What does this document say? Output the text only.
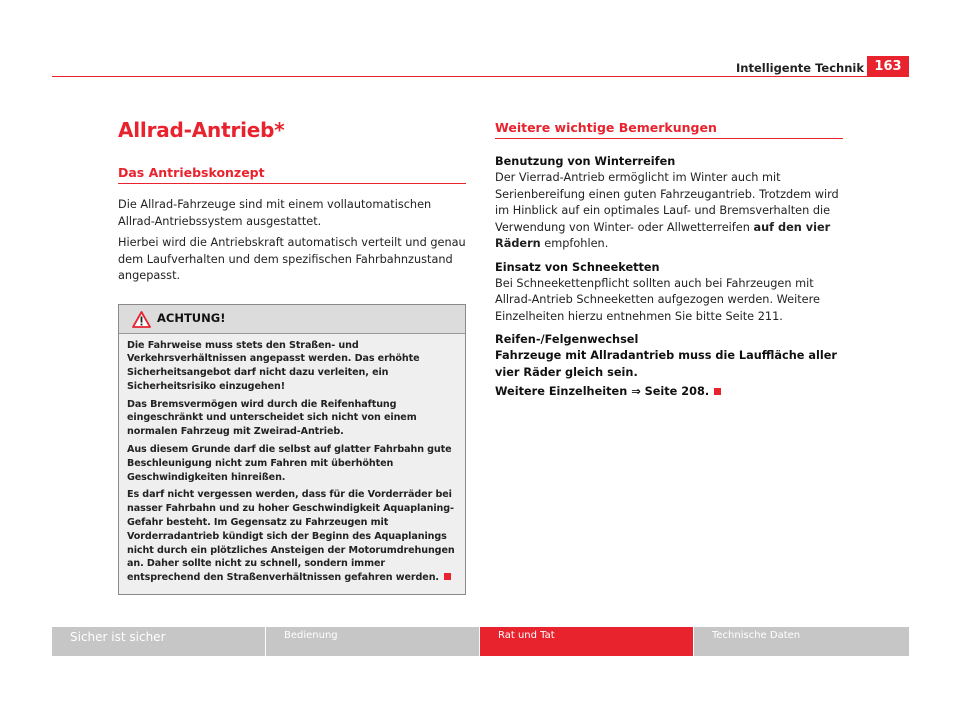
Intelligente Technik 163
Allrad-Antrieb*
Das Antriebskonzept

Die Allrad-Fahrzeuge sind mit einem vollautomatischen Allrad-Antriebssystem ausgestattet.

Hierbei wird die Antriebskraft automatisch verteilt und genau dem Laufverhalten und dem spezifischen Fahrbahnzustand angepasst.

ACHTUNG!

Die Fahrweise muss stets den Straßen- und Verkehrsverhältnissen angepasst werden. Das erhöhte Sicherheitsangebot darf nicht dazu verleiten, ein Sicherheitsrisiko einzugehen!

Das Bremsvermögen wird durch die Reifenhaftung eingeschränkt und unterscheidet sich nicht von einem normalen Fahrzeug mit Zweirad-Antrieb.

Aus diesem Grunde darf die selbst auf glatter Fahrbahn gute Beschleunigung nicht zum Fahren mit überhöhten Geschwindigkeiten hinreißen.

Es darf nicht vergessen werden, dass für die Vorderräder bei nasser Fahrbahn und zu hoher Geschwindigkeit Aquaplaning-Gefahr besteht. Im Gegensatz zu Fahrzeugen mit Vorderradantrieb kündigt sich der Beginn des Aquaplanings nicht durch ein plötzliches Ansteigen der Motorumdrehungen an. Daher sollte nicht zu schnell, sondern immer entsprechend den Straßenverhältnissen gefahren werden.

Weitere wichtige Bemerkungen
Benutzung von Winterreifen

Der Vierrad-Antrieb ermöglicht im Winter auch mit Serienbereifung einen guten Fahrzeugantrieb. Trotzdem wird im Hinblick auf ein optimales Lauf- und Bremsverhalten die Verwendung von Winter- oder Allwetterreifen auf den vier Rädern empfohlen.

Einsatz von Schneeketten

Bei Schneekettenpflicht sollten auch bei Fahrzeugen mit Allrad-Antrieb Schneeketten aufgezogen werden. Weitere Einzelheiten hierzu entnehmen Sie bitte Seite 211.

Reifen-/Felgenwechsel

Fahrzeuge mit Allradantrieb muss die Lauffläche aller vier Räder gleich sein.

Weitere Einzelheiten ⇒ Seite 208.

Sicher ist sicher	Bedienung	Rat und Tat	Technische Daten
